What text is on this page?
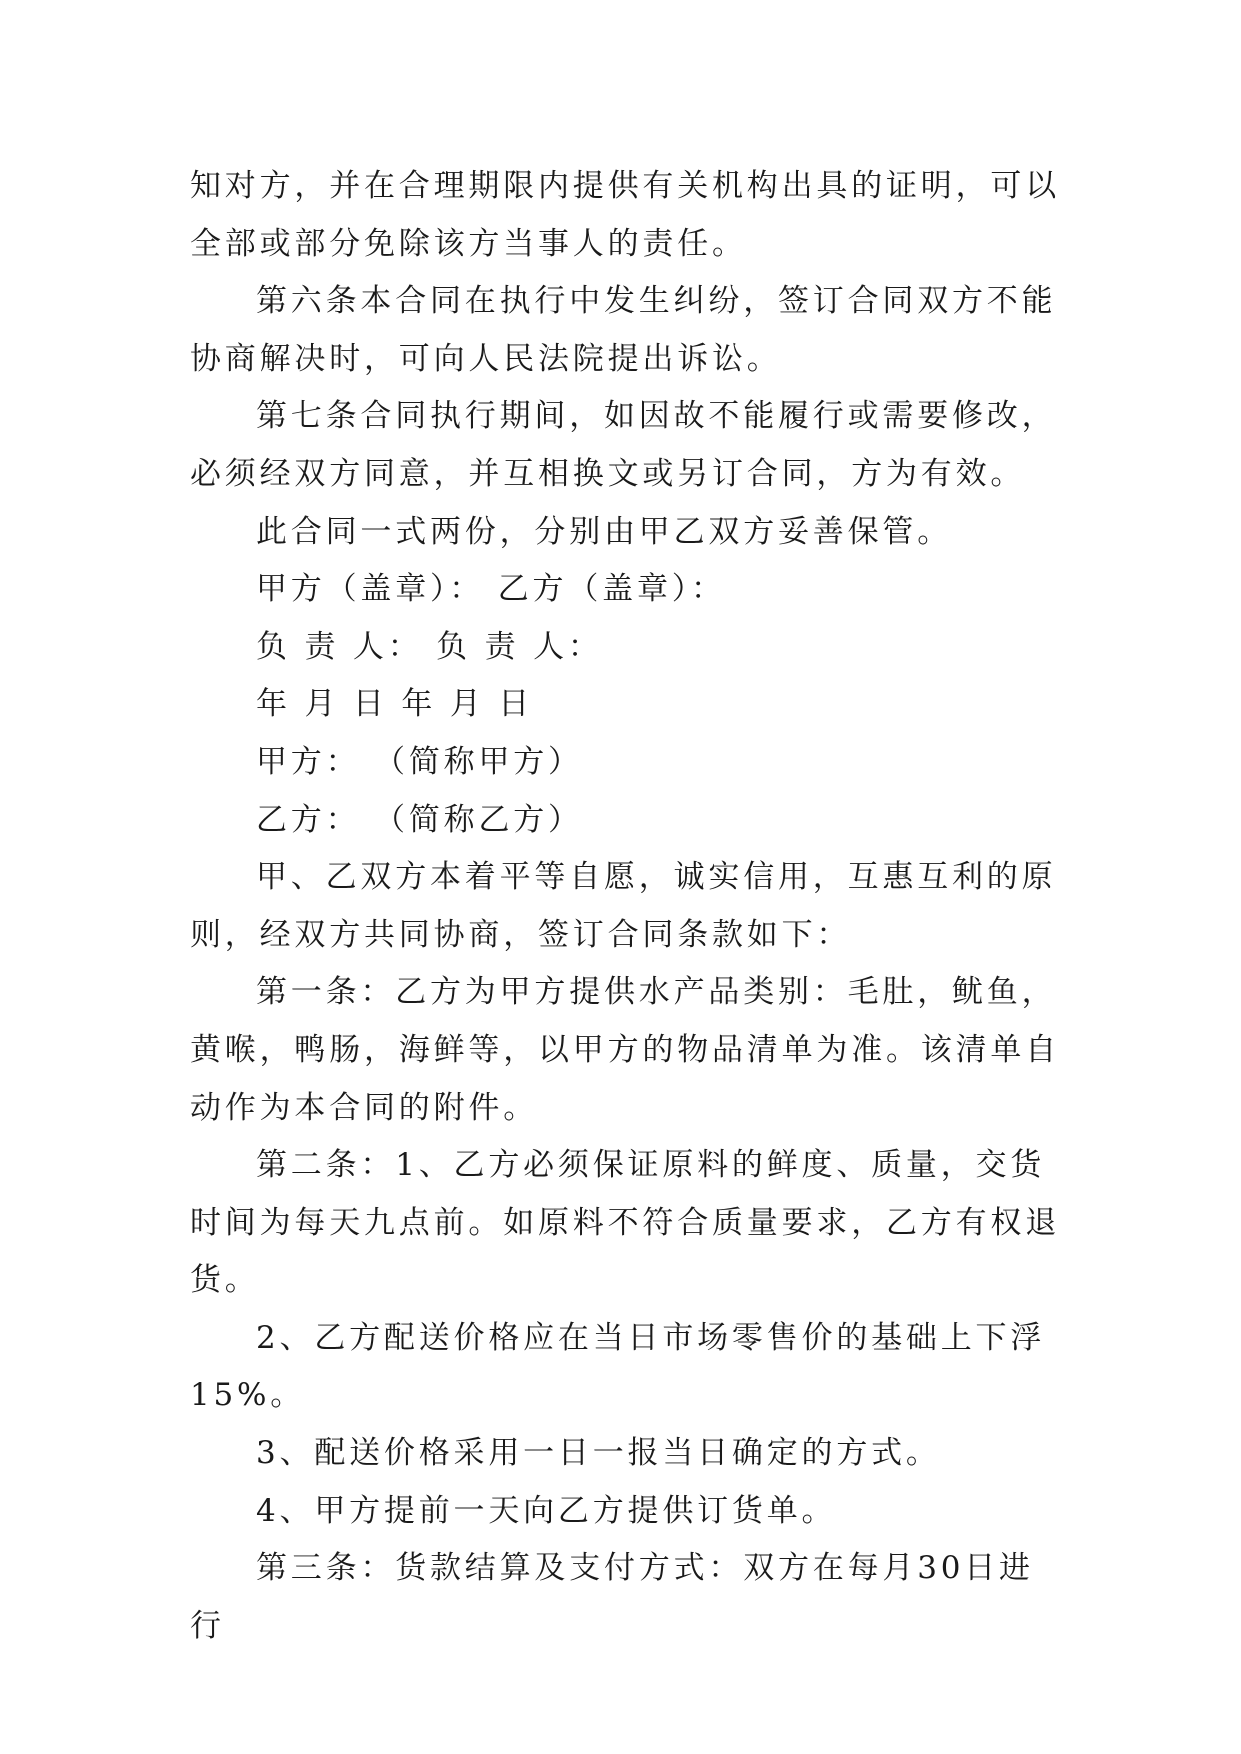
知对方，并在合理期限内提供有关机构出具的证明，可以全部或部分免除该方当事人的责任。

第六条本合同在执行中发生纠纷，签订合同双方不能协商解决时，可向人民法院提出诉讼。

第七条合同执行期间，如因故不能履行或需要修改，必须经双方同意，并互相换文或另订合同，方为有效。

此合同一式两份，分别由甲乙双方妥善保管。

甲方（盖章）： 乙方（盖章）：

负 责 人： 负 责 人：

年 月 日 年 月 日

甲方： （简称甲方）

乙方： （简称乙方）

甲、乙双方本着平等自愿，诚实信用，互惠互利的原则，经双方共同协商，签订合同条款如下：

第一条：乙方为甲方提供水产品类别：毛肚，鱿鱼，黄喉，鸭肠，海鲜等，以甲方的物品清单为准。该清单自动作为本合同的附件。

第二条：1、乙方必须保证原料的鲜度、质量，交货时间为每天九点前。如原料不符合质量要求，乙方有权退货。

2、乙方配送价格应在当日市场零售价的基础上下浮15%。

3、配送价格采用一日一报当日确定的方式。

4、甲方提前一天向乙方提供订货单。

第三条：货款结算及支付方式：双方在每月30日进行
